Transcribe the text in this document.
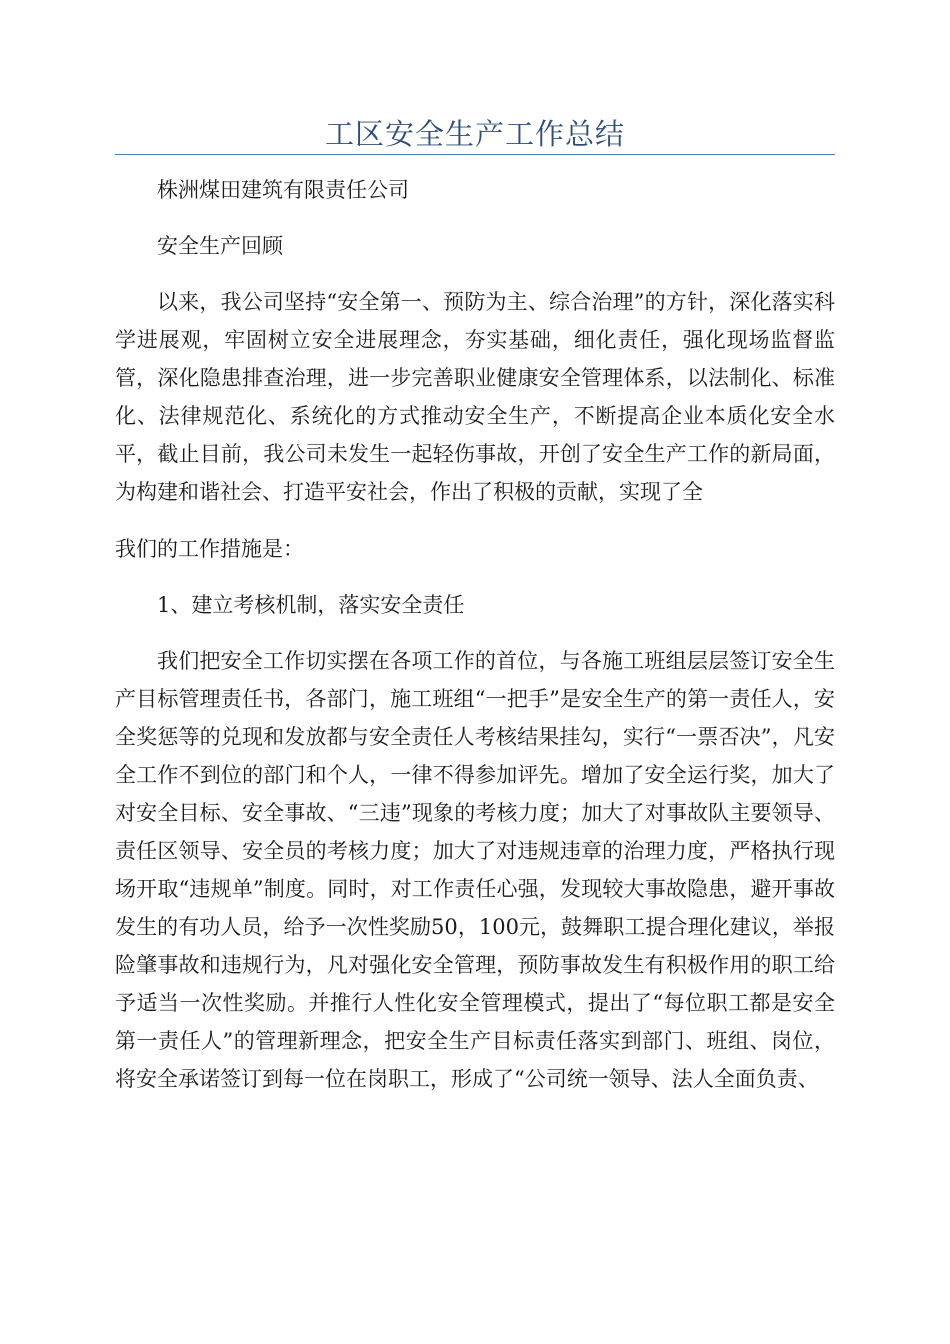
工区安全生产工作总结

株洲煤田建筑有限责任公司

安全生产回顾

以来，我公司坚持“安全第一、预防为主、综合治理”的方针，深化落实科学进展观，牢固树立安全进展理念，夯实基础，细化责任，强化现场监督监管，深化隐患排查治理，进一步完善职业健康安全管理体系，以法制化、标准化、法律规范化、系统化的方式推动安全生产，不断提高企业本质化安全水平，截止目前，我公司未发生一起轻伤事故，开创了安全生产工作的新局面，为构建和谐社会、打造平安社会，作出了积极的贡献，实现了全

我们的工作措施是：

1、建立考核机制，落实安全责任

我们把安全工作切实摆在各项工作的首位，与各施工班组层层签订安全生产目标管理责任书，各部门，施工班组“一把手”是安全生产的第一责任人，安全奖惩等的兑现和发放都与安全责任人考核结果挂勾，实行“一票否决”，凡安全工作不到位的部门和个人，一律不得参加评先。增加了安全运行奖，加大了对安全目标、安全事故、“三违”现象的考核力度；加大了对事故队主要领导、责任区领导、安全员的考核力度；加大了对违规违章的治理力度，严格执行现场开取“违规单”制度。同时，对工作责任心强，发现较大事故隐患，避开事故发生的有功人员，给予一次性奖励50，100元，鼓舞职工提合理化建议，举报险肇事故和违规行为，凡对强化安全管理，预防事故发生有积极作用的职工给予适当一次性奖励。并推行人性化安全管理模式，提出了“每位职工都是安全第一责任人”的管理新理念，把安全生产目标责任落实到部门、班组、岗位，将安全承诺签订到每一位在岗职工，形成了“公司统一领导、法人全面负责、
